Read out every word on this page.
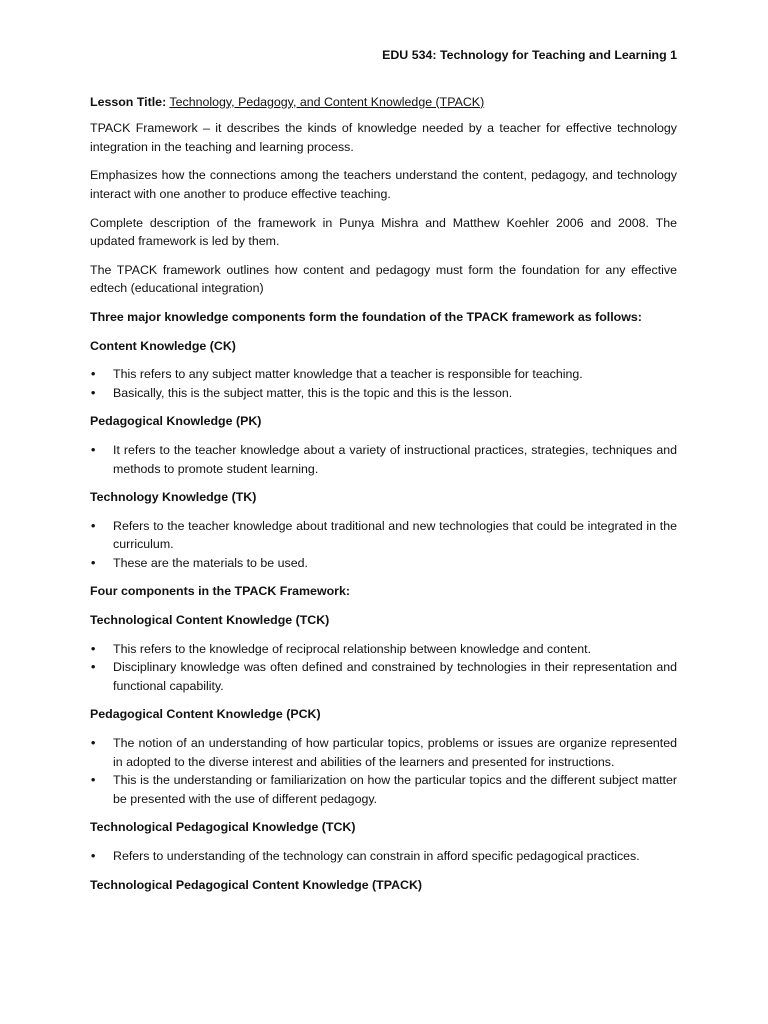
EDU 534: Technology for Teaching and Learning 1

Lesson Title: Technology, Pedagogy, and Content Knowledge (TPACK)

TPACK Framework – it describes the kinds of knowledge needed by a teacher for effective technology integration in the teaching and learning process.

Emphasizes how the connections among the teachers understand the content, pedagogy, and technology interact with one another to produce effective teaching.

Complete description of the framework in Punya Mishra and Matthew Koehler 2006 and 2008. The updated framework is led by them.

The TPACK framework outlines how content and pedagogy must form the foundation for any effective edtech (educational integration)

Three major knowledge components form the foundation of the TPACK framework as follows:
Content Knowledge (CK)
• This refers to any subject matter knowledge that a teacher is responsible for teaching.
• Basically, this is the subject matter, this is the topic and this is the lesson.
Pedagogical Knowledge (PK)
• It refers to the teacher knowledge about a variety of instructional practices, strategies, techniques and methods to promote student learning.
Technology Knowledge (TK)
• Refers to the teacher knowledge about traditional and new technologies that could be integrated in the curriculum.
• These are the materials to be used.
Four components in the TPACK Framework:
Technological Content Knowledge (TCK)
• This refers to the knowledge of reciprocal relationship between knowledge and content.
• Disciplinary knowledge was often defined and constrained by technologies in their representation and functional capability.
Pedagogical Content Knowledge (PCK)
• The notion of an understanding of how particular topics, problems or issues are organize represented in adopted to the diverse interest and abilities of the learners and presented for instructions.
• This is the understanding or familiarization on how the particular topics and the different subject matter be presented with the use of different pedagogy.
Technological Pedagogical Knowledge (TCK)
• Refers to understanding of the technology can constrain in afford specific pedagogical practices.
Technological Pedagogical Content Knowledge (TPACK)
